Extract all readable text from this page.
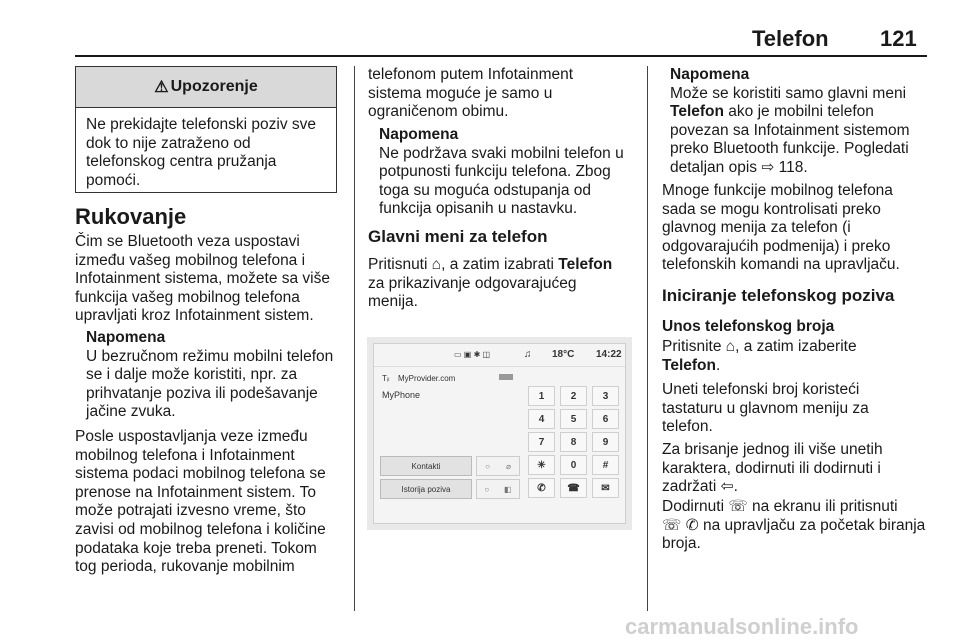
Telefon 121
⚠ Upozorenje
Ne prekidajte telefonski poziv sve
dok to nije zatraženo od
telefonskog centra pružanja
pomoći.
Rukovanje

Čim se Bluetooth veza uspostavi

između vašeg mobilnog telefona i

Infotainment sistema, možete sa više

funkcija vašeg mobilnog telefona

upravljati kroz Infotainment sistem.

Napomena

U bezručnom režimu mobilni telefon

se i dalje može koristiti, npr. za

prihvatanje poziva ili podešavanje

jačine zvuka.

Posle uspostavljanja veze između

mobilnog telefona i Infotainment

sistema podaci mobilnog telefona se

prenose na Infotainment sistem. To

može potrajati izvesno vreme, što

zavisi od mobilnog telefona i količine

podataka koje treba preneti. Tokom

tog perioda, rukovanje mobilnim

telefonom putem Infotainment

sistema moguće je samo u

ograničenom obimu.

Napomena

Ne podržava svaki mobilni telefon u

potpunosti funkciju telefona. Zbog

toga su moguća odstupanja od

funkcija opisanih u nastavku.

Glavni meni za telefon

Pritisnuti ⌂, a zatim izabrati Telefon

za prikazivanje odgovarajućeg

menija.

▭ ▣ ✱ ◫	♫ 18°C 14:22
Tᵢₗ MyProvider.com
MyPhone	1	2	3
4	5	6
7	8	9
✳	0	#
✆	☎	✉
Kontakti
Istorija poziva
○ ⌀
○ ◧

Napomena

Može se koristiti samo glavni meni

Telefon ako je mobilni telefon

povezan sa Infotainment sistemom

preko Bluetooth funkcije. Pogledati

detaljan opis ⇨ 118.

Mnoge funkcije mobilnog telefona

sada se mogu kontrolisati preko

glavnog menija za telefon (i

odgovarajućih podmenija) i preko

telefonskih komandi na upravljaču.

Iniciranje telefonskog poziva
Unos telefonskog broja

Pritisnite ⌂, a zatim izaberite

Telefon.

Uneti telefonski broj koristeći

tastaturu u glavnom meniju za

telefon.

Za brisanje jednog ili više unetih

karaktera, dodirnuti ili dodirnuti i

zadržati ⇦.

Dodirnuti ☏ na ekranu ili pritisnuti

☏ ✆ na upravljaču za početak biranja

broja.

carmanualsonline.info
